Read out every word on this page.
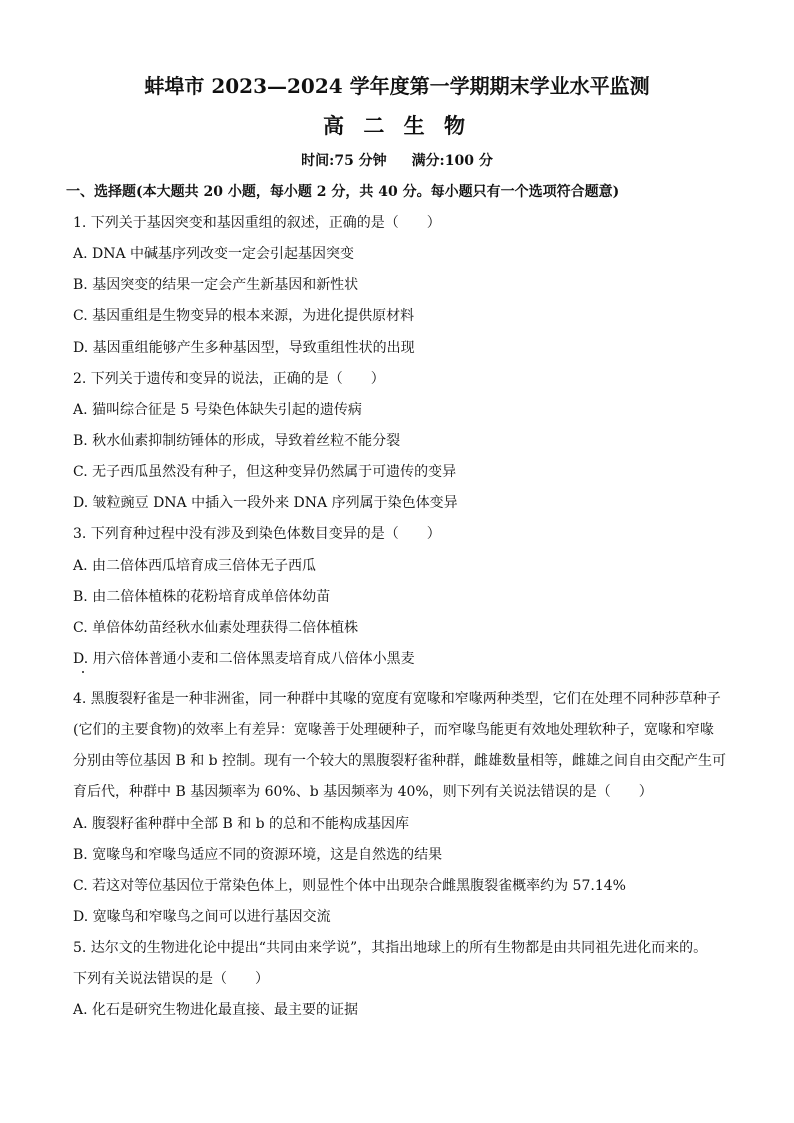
蚌埠市 2023—2024 学年度第一学期期末学业水平监测
高 二 生 物
时间:75 分钟 满分:100 分
一、选择题(本大题共 20 小题，每小题 2 分，共 40 分。每小题只有一个选项符合题意)
1. 下列关于基因突变和基因重组的叙述，正确的是（　　）
A. DNA 中碱基序列改变一定会引起基因突变
B. 基因突变的结果一定会产生新基因和新性状
C. 基因重组是生物变异的根本来源，为进化提供原材料
D. 基因重组能够产生多种基因型，导致重组性状的出现
2. 下列关于遗传和变异的说法，正确的是（　　）
A. 猫叫综合征是 5 号染色体缺失引起的遗传病
B. 秋水仙素抑制纺锤体的形成，导致着丝粒不能分裂
C. 无子西瓜虽然没有种子，但这种变异仍然属于可遗传的变异
D. 皱粒豌豆 DNA 中插入一段外来 DNA 序列属于染色体变异
3. 下列育种过程中没有涉及到染色体数目变异的是（　　）
A. 由二倍体西瓜培育成三倍体无子西瓜
B. 由二倍体植株的花粉培育成单倍体幼苗
C. 单倍体幼苗经秋水仙素处理获得二倍体植株
D. 用六倍体普通小麦和二倍体黑麦培育成八倍体小黑麦
4. 黑腹裂籽雀是一种非洲雀，同一种群中其喙的宽度有宽喙和窄喙两种类型，它们在处理不同种莎草种子
(它们的主要食物)的效率上有差异：宽喙善于处理硬种子，而窄喙鸟能更有效地处理软种子，宽喙和窄喙
分别由等位基因 B 和 b 控制。现有一个较大的黑腹裂籽雀种群，雌雄数量相等，雌雄之间自由交配产生可
育后代，种群中 B 基因频率为 60%、b 基因频率为 40%，则下列有关说法错误的是（　　）
A. 腹裂籽雀种群中全部 B 和 b 的总和不能构成基因库
B. 宽喙鸟和窄喙鸟适应不同的资源环境，这是自然选的结果
C. 若这对等位基因位于常染色体上，则显性个体中出现杂合雌黑腹裂雀概率约为 57.14%
D. 宽喙鸟和窄喙鸟之间可以进行基因交流
5. 达尔文的生物进化论中提出“共同由来学说”，其指出地球上的所有生物都是由共同祖先进化而来的。
下列有关说法错误的是（　　）
A. 化石是研究生物进化最直接、最主要的证据
